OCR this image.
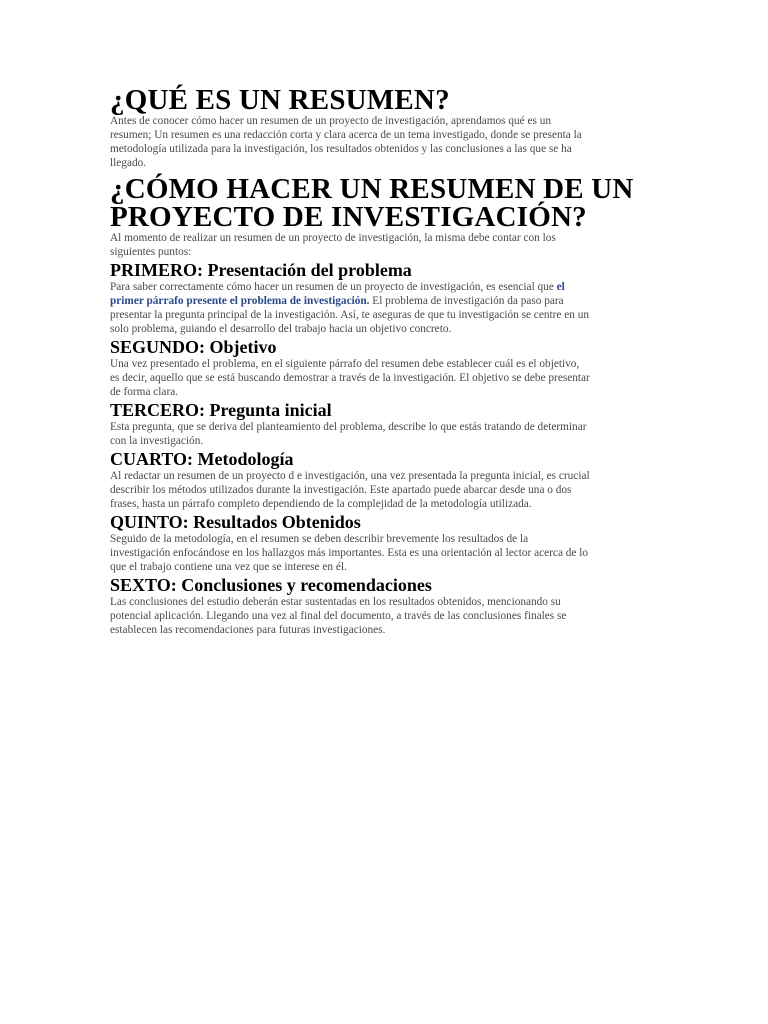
¿QUÉ ES UN RESUMEN?
Antes de conocer cómo hacer un resumen de un proyecto de investigación, aprendamos qué es un
resumen; Un resumen es una redacción corta y clara acerca de un tema investigado, donde se presenta la
metodología utilizada para la investigación, los resultados obtenidos y las conclusiones a las que se ha
llegado.
¿CÓMO HACER UN RESUMEN DE UN
PROYECTO DE INVESTIGACIÓN?
Al momento de realizar un resumen de un proyecto de investigación, la misma debe contar con los
siguientes puntos:
PRIMERO: Presentación del problema
Para saber correctamente cómo hacer un resumen de un proyecto de investigación, es esencial que el
primer párrafo presente el problema de investigación. El problema de investigación da paso para
presentar la pregunta principal de la investigación. Así, te aseguras de que tu investigación se centre en un
solo problema, guiando el desarrollo del trabajo hacia un objetivo concreto.
SEGUNDO: Objetivo
Una vez presentado el problema, en el siguiente párrafo del resumen debe establecer cuál es el objetivo,
es decir, aquello que se está buscando demostrar a través de la investigación. El objetivo se debe presentar
de forma clara.
TERCERO: Pregunta inicial
Esta pregunta, que se deriva del planteamiento del problema, describe lo que estás tratando de determinar
con la investigación.
CUARTO: Metodología
Al redactar un resumen de un proyecto d e investigación, una vez presentada la pregunta inicial, es crucial
describir los métodos utilizados durante la investigación. Este apartado puede abarcar desde una o dos
frases, hasta un párrafo completo dependiendo de la complejidad de la metodología utilizada.
QUINTO: Resultados Obtenidos
Seguido de la metodología, en el resumen se deben describir brevemente los resultados de la
investigación enfocándose en los hallazgos más importantes. Esta es una orientación al lector acerca de lo
que el trabajo contiene una vez que se interese en él.
SEXTO: Conclusiones y recomendaciones
Las conclusiones del estudio deberán estar sustentadas en los resultados obtenidos, mencionando su
potencial aplicación. Llegando una vez al final del documento, a través de las conclusiones finales se
establecen las recomendaciones para futuras investigaciones.
